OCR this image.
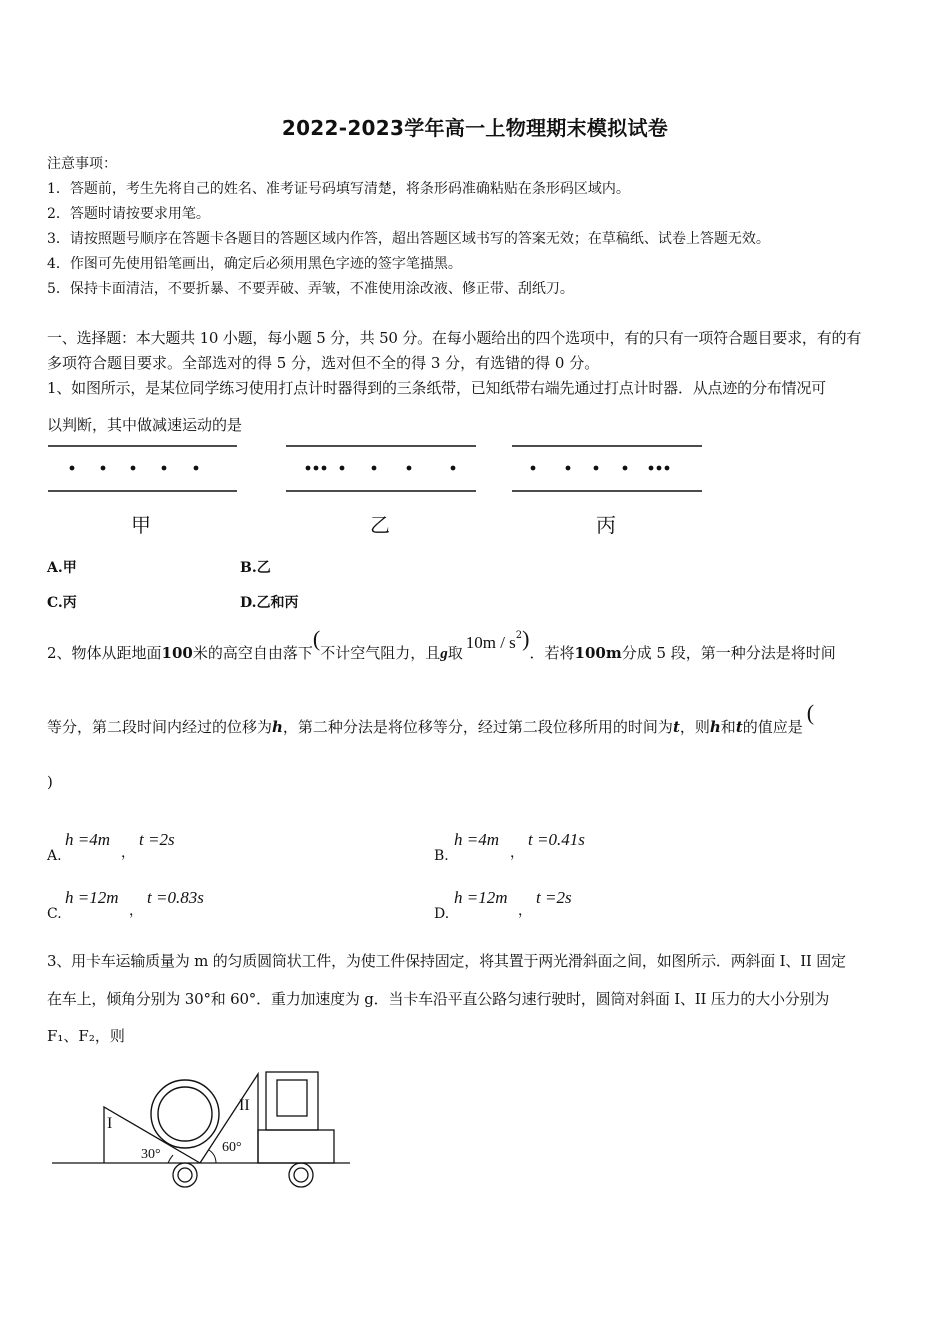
2022-2023学年高一上物理期末模拟试卷
注意事项：
1．答题前，考生先将自己的姓名、准考证号码填写清楚，将条形码准确粘贴在条形码区域内。
2．答题时请按要求用笔。
3．请按照题号顺序在答题卡各题目的答题区域内作答，超出答题区域书写的答案无效；在草稿纸、试卷上答题无效。
4．作图可先使用铅笔画出，确定后必须用黑色字迹的签字笔描黑。
5．保持卡面清洁，不要折暴、不要弄破、弄皱，不准使用涂改液、修正带、刮纸刀。
一、选择题：本大题共 10 小题，每小题 5 分，共 50 分。在每小题给出的四个选项中，有的只有一项符合题目要求，有的有
多项符合题目要求。全部选对的得 5 分，选对但不全的得 3 分，有选错的得 0 分。
1、如图所示，是某位同学练习使用打点计时器得到的三条纸带，已知纸带右端先通过打点计时器．从点迹的分布情况可
以判断，其中做减速运动的是
甲	乙	丙
A.甲	B.乙
C.丙	D.乙和丙
2、物体从距地面100米的高空自由落下(不计空气阻力，且g取$10m / s^2$)．若将100m分成 5 段，第一种分法是将时间
等分，第二段时间内经过的位移为h，第二种分法是将位移等分，经过第二段位移所用的时间为t，则h和t的值应是(
)
A.
h =4m
，
t =2s
B.
h =4m
，
t =0.41s
C.
h =12m
，
t =0.83s
D.
h =12m
，
t =2s
3、用卡车运输质量为 m 的匀质圆筒状工件，为使工件保持固定，将其置于两光滑斜面之间，如图所示．两斜面 I、II 固定
在车上，倾角分别为 30°和 60°．重力加速度为 g．当卡车沿平直公路匀速行驶时，圆筒对斜面 I、II 压力的大小分别为
F₁、F₂，则
I
II
30°	60°
